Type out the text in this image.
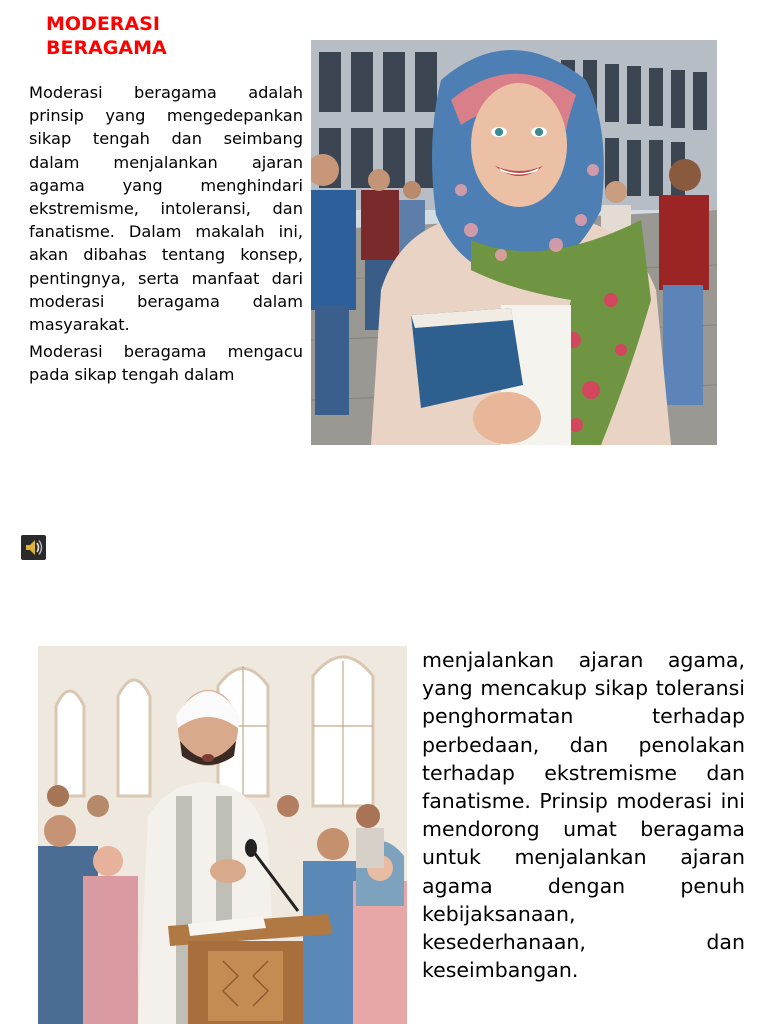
MODERASI BERAGAMA

Moderasi beragama adalah prinsip yang mengedepankan sikap tengah dan seimbang dalam menjalankan ajaran agama yang menghindari ekstremisme, intoleransi, dan fanatisme. Dalam makalah ini, akan dibahas tentang konsep, pentingnya, serta manfaat dari moderasi beragama dalam masyarakat.

Moderasi beragama mengacu pada sikap tengah dalam

menjalankan ajaran agama, yang mencakup sikap toleransi penghormatan terhadap perbedaan, dan penolakan terhadap ekstremisme dan fanatisme. Prinsip moderasi ini mendorong umat beragama untuk menjalankan ajaran agama dengan penuh kebijaksanaan, kesederhanaan, dan keseimbangan.
